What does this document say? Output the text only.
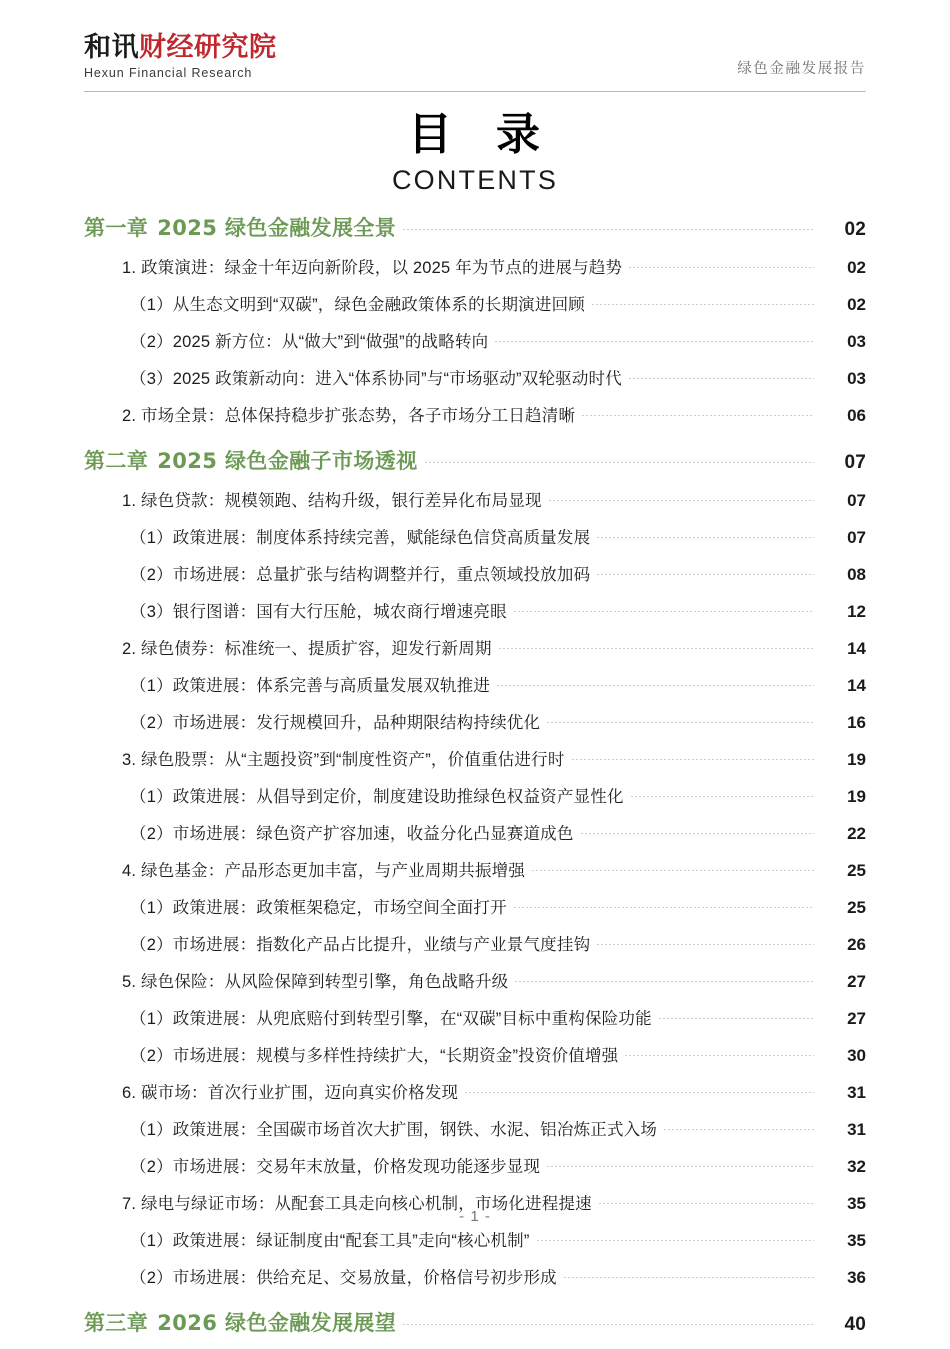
和讯财经研究院
Hexun Financial Research	绿色金融发展报告
目 录
CONTENTS
第一章 2025 绿色金融发展全景	02
1. 政策演进：绿金十年迈向新阶段，以 2025 年为节点的进展与趋势	02
（1）从生态文明到“双碳”，绿色金融政策体系的长期演进回顾	02
（2）2025 新方位：从“做大”到“做强”的战略转向	03
（3）2025 政策新动向：进入“体系协同”与“市场驱动”双轮驱动时代	03
2. 市场全景：总体保持稳步扩张态势，各子市场分工日趋清晰	06
第二章 2025 绿色金融子市场透视	07
1. 绿色贷款：规模领跑、结构升级，银行差异化布局显现	07
（1）政策进展：制度体系持续完善，赋能绿色信贷高质量发展	07
（2）市场进展：总量扩张与结构调整并行，重点领域投放加码	08
（3）银行图谱：国有大行压舱，城农商行增速亮眼	12
2. 绿色债券：标准统一、提质扩容，迎发行新周期	14
（1）政策进展：体系完善与高质量发展双轨推进	14
（2）市场进展：发行规模回升，品种期限结构持续优化	16
3. 绿色股票：从“主题投资”到“制度性资产”，价值重估进行时	19
（1）政策进展：从倡导到定价，制度建设助推绿色权益资产显性化	19
（2）市场进展：绿色资产扩容加速，收益分化凸显赛道成色	22
4. 绿色基金：产品形态更加丰富，与产业周期共振增强	25
（1）政策进展：政策框架稳定，市场空间全面打开	25
（2）市场进展：指数化产品占比提升，业绩与产业景气度挂钩	26
5. 绿色保险：从风险保障到转型引擎，角色战略升级	27
（1）政策进展：从兜底赔付到转型引擎，在“双碳”目标中重构保险功能	27
（2）市场进展：规模与多样性持续扩大，“长期资金”投资价值增强	30
6. 碳市场：首次行业扩围，迈向真实价格发现	31
（1）政策进展：全国碳市场首次大扩围，钢铁、水泥、铝冶炼正式入场	31
（2）市场进展：交易年末放量，价格发现功能逐步显现	32
7. 绿电与绿证市场：从配套工具走向核心机制，市场化进程提速	35
（1）政策进展：绿证制度由“配套工具”走向“核心机制”	35
（2）市场进展：供给充足、交易放量，价格信号初步形成	36
第三章 2026 绿色金融发展展望	40
- 1 -
